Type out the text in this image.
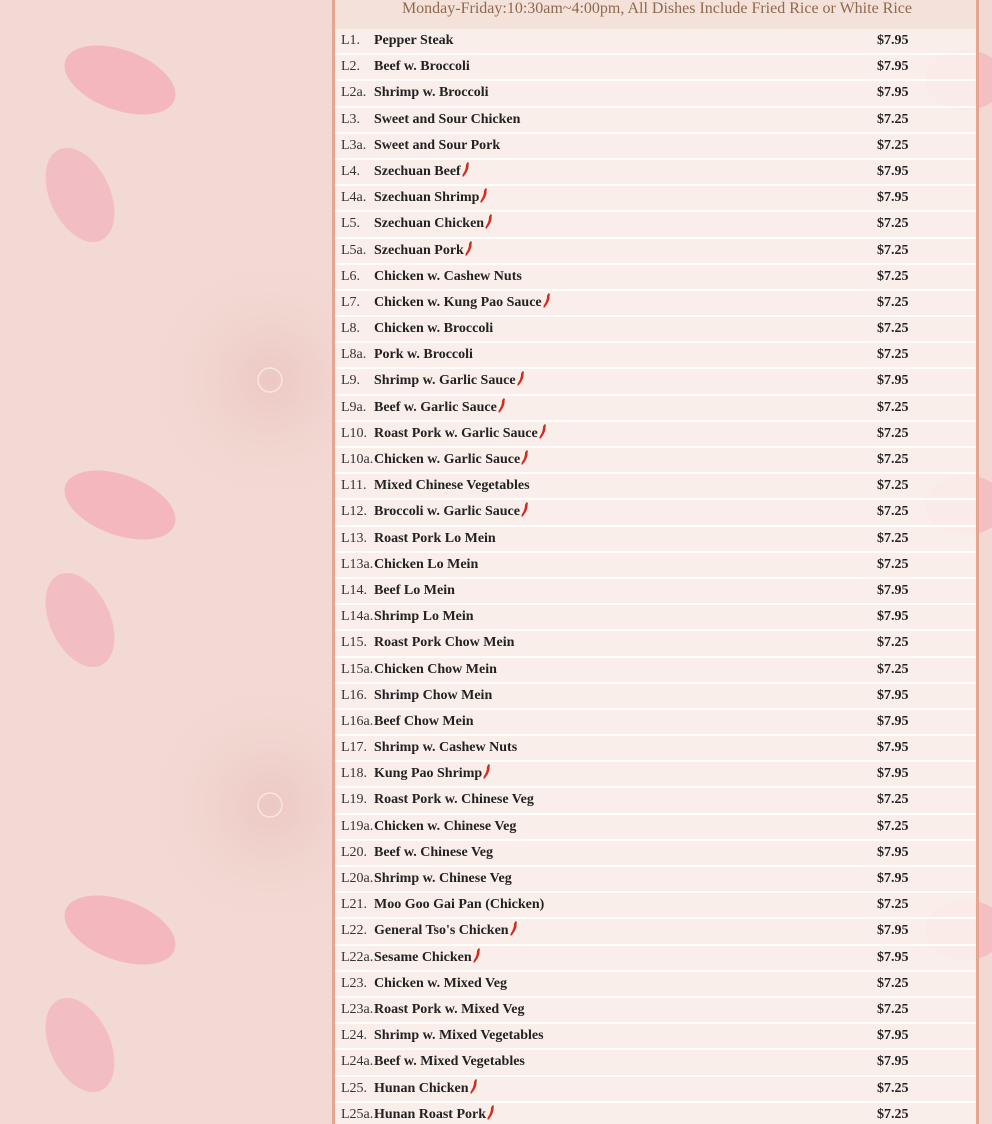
Monday-Friday:10:30am~4:00pm, All Dishes Include Fried Rice or White Rice
L1. Pepper Steak	$7.95
L2. Beef w. Broccoli	$7.95
L2a. Shrimp w. Broccoli	$7.95
L3. Sweet and Sour Chicken	$7.25
L3a. Sweet and Sour Pork	$7.25
L4. Szechuan Beef	$7.95
L4a. Szechuan Shrimp	$7.95
L5. Szechuan Chicken	$7.25
L5a. Szechuan Pork	$7.25
L6. Chicken w. Cashew Nuts	$7.25
L7. Chicken w. Kung Pao Sauce	$7.25
L8. Chicken w. Broccoli	$7.25
L8a. Pork w. Broccoli	$7.25
L9. Shrimp w. Garlic Sauce	$7.95
L9a. Beef w. Garlic Sauce	$7.25
L10. Roast Pork w. Garlic Sauce	$7.25
L10a. Chicken w. Garlic Sauce	$7.25
L11. Mixed Chinese Vegetables	$7.25
L12. Broccoli w. Garlic Sauce	$7.25
L13. Roast Pork Lo Mein	$7.25
L13a. Chicken Lo Mein	$7.25
L14. Beef Lo Mein	$7.95
L14a. Shrimp Lo Mein	$7.95
L15. Roast Pork Chow Mein	$7.25
L15a. Chicken Chow Mein	$7.25
L16. Shrimp Chow Mein	$7.95
L16a. Beef Chow Mein	$7.95
L17. Shrimp w. Cashew Nuts	$7.95
L18. Kung Pao Shrimp	$7.95
L19. Roast Pork w. Chinese Veg	$7.25
L19a. Chicken w. Chinese Veg	$7.25
L20. Beef w. Chinese Veg	$7.95
L20a. Shrimp w. Chinese Veg	$7.95
L21. Moo Goo Gai Pan (Chicken)	$7.25
L22. General Tso's Chicken	$7.95
L22a. Sesame Chicken	$7.95
L23. Chicken w. Mixed Veg	$7.25
L23a. Roast Pork w. Mixed Veg	$7.25
L24. Shrimp w. Mixed Vegetables	$7.95
L24a. Beef w. Mixed Vegetables	$7.95
L25. Hunan Chicken	$7.25
L25a. Hunan Roast Pork	$7.25
